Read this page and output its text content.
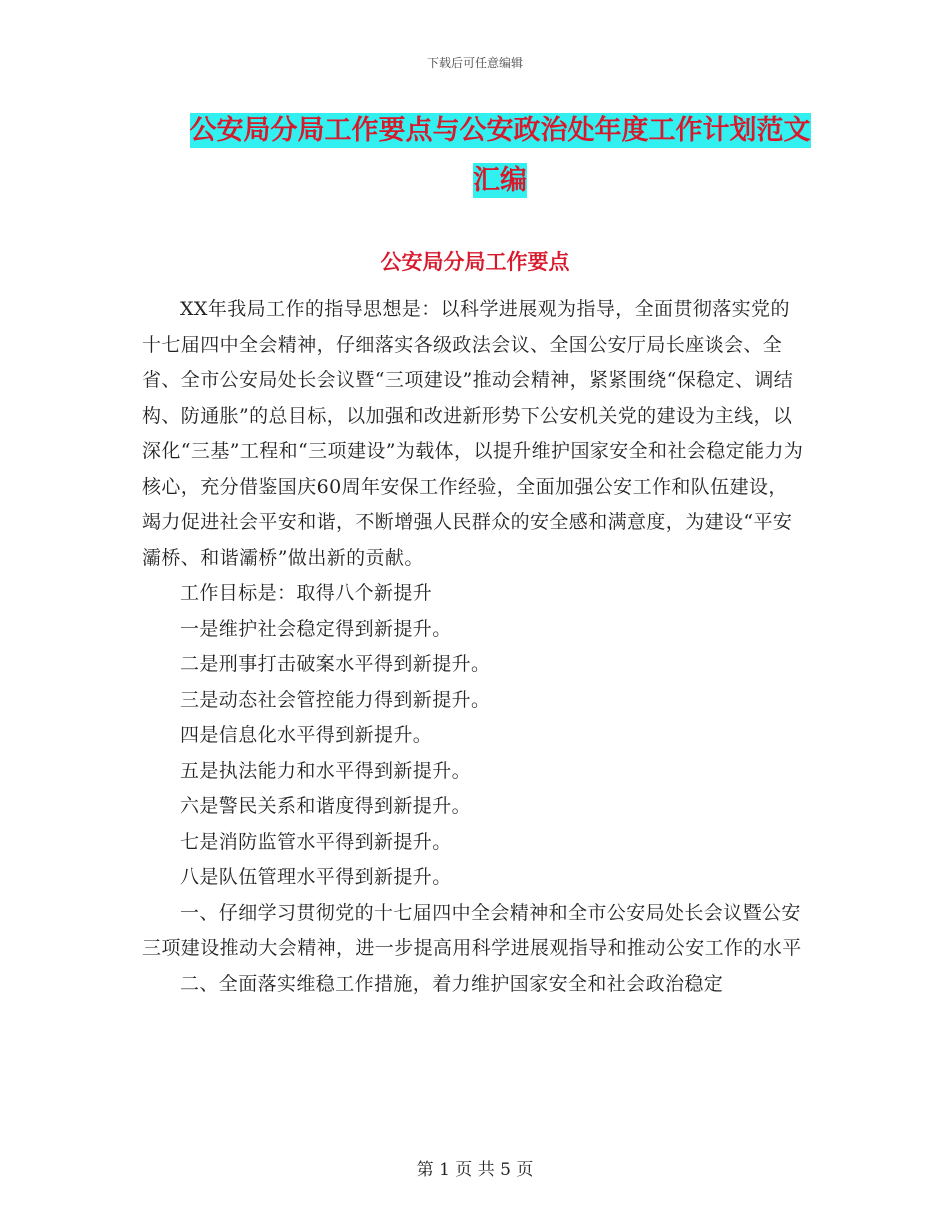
下载后可任意编辑
公安局分局工作要点与公安政治处年度工作计划范文
汇编
公安局分局工作要点

XX年我局工作的指导思想是：以科学进展观为指导，全面贯彻落实党的十七届四中全会精神，仔细落实各级政法会议、全国公安厅局长座谈会、全省、全市公安局处长会议暨“三项建设”推动会精神，紧紧围绕“保稳定、调结构、防通胀”的总目标，以加强和改进新形势下公安机关党的建设为主线，以深化“三基”工程和“三项建设”为载体，以提升维护国家安全和社会稳定能力为核心，充分借鉴国庆60周年安保工作经验，全面加强公安工作和队伍建设，竭力促进社会平安和谐，不断增强人民群众的安全感和满意度，为建设“平安灞桥、和谐灞桥”做出新的贡献。

工作目标是：取得八个新提升

一是维护社会稳定得到新提升。

二是刑事打击破案水平得到新提升。

三是动态社会管控能力得到新提升。

四是信息化水平得到新提升。

五是执法能力和水平得到新提升。

六是警民关系和谐度得到新提升。

七是消防监管水平得到新提升。

八是队伍管理水平得到新提升。

一、仔细学习贯彻党的十七届四中全会精神和全市公安局处长会议暨公安三项建设推动大会精神，进一步提高用科学进展观指导和推动公安工作的水平

二、全面落实维稳工作措施，着力维护国家安全和社会政治稳定

第 1 页 共 5 页
